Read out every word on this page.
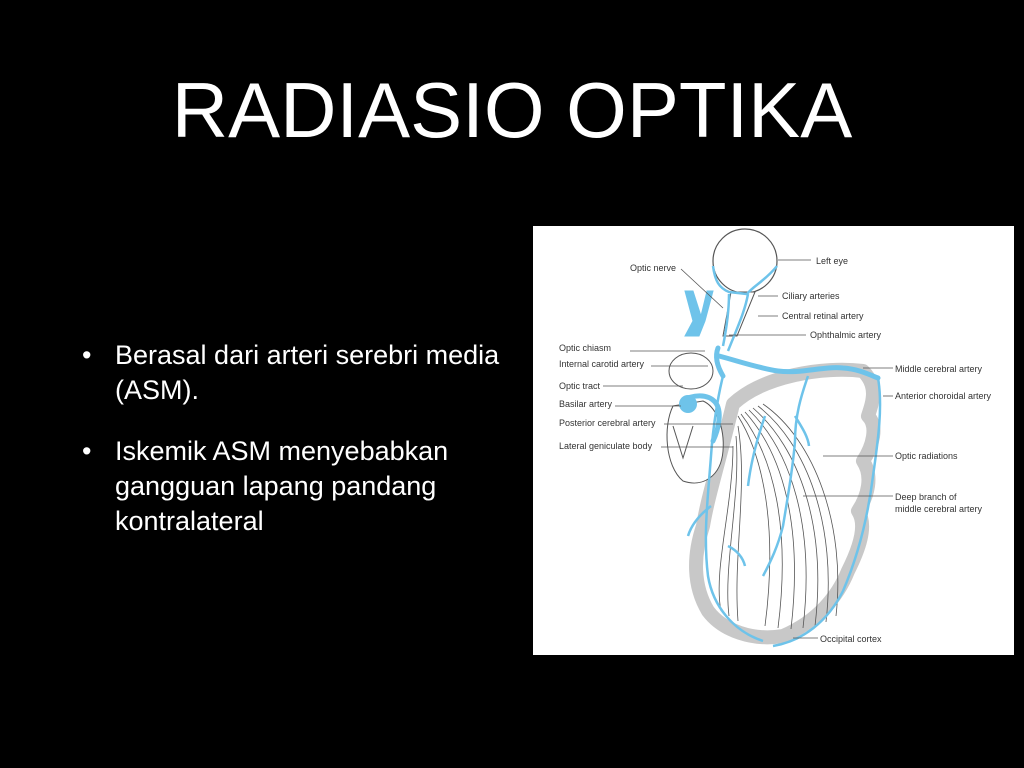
RADIASIO OPTIKA
• Berasal dari arteri serebri media (ASM).
• Iskemik ASM menyebabkan gangguan lapang pandang kontralateral
Optic nerve
Optic chiasm
Internal carotid artery
Optic tract
Basilar artery
Posterior cerebral artery
Lateral geniculate body
Left eye
Ciliary arteries
Central retinal artery
Ophthalmic artery
Middle cerebral artery
Anterior choroidal artery
Optic radiations
Deep branch of
middle cerebral artery
Occipital cortex
